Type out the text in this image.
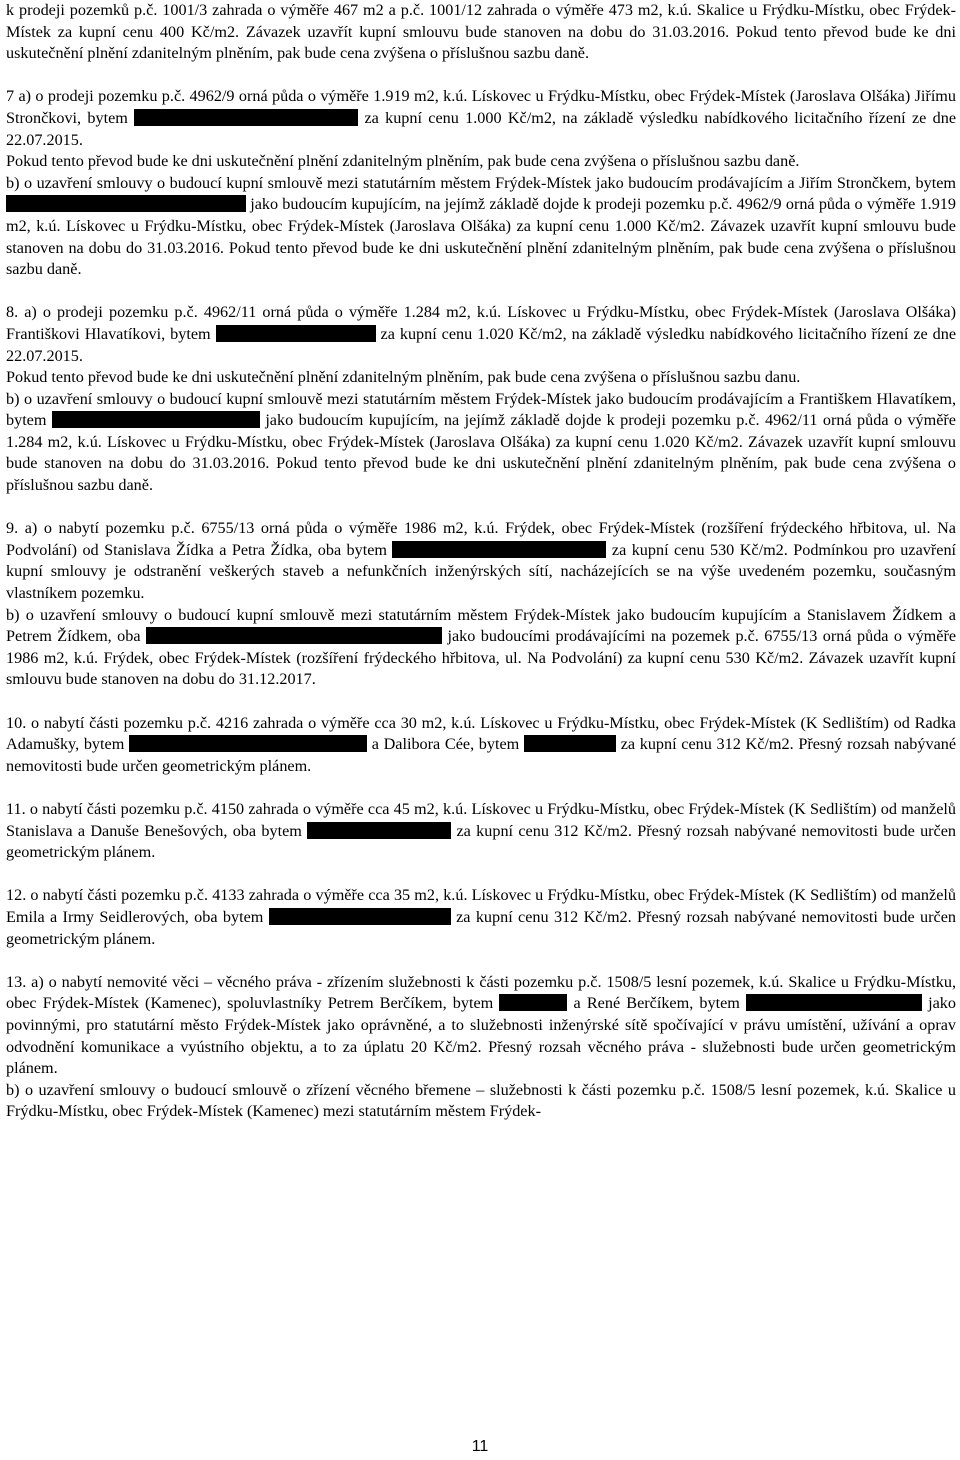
k prodeji pozemků p.č. 1001/3 zahrada o výměře 467 m2 a p.č. 1001/12 zahrada o výměře 473 m2, k.ú. Skalice u Frýdku-Místku, obec Frýdek-Místek za kupní cenu 400 Kč/m2. Závazek uzavřít kupní smlouvu bude stanoven na dobu do 31.03.2016. Pokud tento převod bude ke dni uskutečnění plnění zdanitelným plněním, pak bude cena zvýšena o příslušnou sazbu daně.

7 a) o prodeji pozemku p.č. 4962/9 orná půda o výměře 1.919 m2, k.ú. Lískovec u Frýdku-Místku, obec Frýdek-Místek (Jaroslava Olšáka) Jiřímu Strončkovi, bytem	za kupní cenu 1.000 Kč/m2, na základě výsledku nabídkového licitačního řízení ze dne 22.07.2015.

Pokud tento převod bude ke dni uskutečnění plnění zdanitelným plněním, pak bude cena zvýšena o příslušnou sazbu daně.

b) o uzavření smlouvy o budoucí kupní smlouvě mezi statutárním městem Frýdek-Místek jako budoucím prodávajícím a Jiřím Strončkem, bytem  jako budoucím kupujícím, na jejímž základě dojde k prodeji pozemku p.č. 4962/9 orná půda o výměře 1.919 m2, k.ú. Lískovec u Frýdku-Místku, obec Frýdek-Místek (Jaroslava Olšáka) za kupní cenu 1.000 Kč/m2. Závazek uzavřít kupní smlouvu bude stanoven na dobu do 31.03.2016. Pokud tento převod bude ke dni uskutečnění plnění zdanitelným plněním, pak bude cena zvýšena o příslušnou sazbu daně.

8. a) o prodeji pozemku p.č. 4962/11 orná půda o výměře 1.284 m2, k.ú. Lískovec u Frýdku-Místku, obec Frýdek-Místek (Jaroslava Olšáka) Františkovi Hlavatíkovi, bytem	za kupní cenu 1.020 Kč/m2, na základě výsledku nabídkového licitačního řízení ze dne 22.07.2015.

Pokud tento převod bude ke dni uskutečnění plnění zdanitelným plněním, pak bude cena zvýšena o příslušnou sazbu danu.

b) o uzavření smlouvy o budoucí kupní smlouvě mezi statutárním městem Frýdek-Místek jako budoucím prodávajícím a Františkem Hlavatíkem, bytem	jako budoucím kupujícím, na jejímž základě dojde k prodeji pozemku p.č. 4962/11 orná půda o výměře 1.284 m2, k.ú. Lískovec u Frýdku-Místku, obec Frýdek-Místek (Jaroslava Olšáka) za kupní cenu 1.020 Kč/m2. Závazek uzavřít kupní smlouvu bude stanoven na dobu do 31.03.2016. Pokud tento převod bude ke dni uskutečnění plnění zdanitelným plněním, pak bude cena zvýšena o příslušnou sazbu daně.

9. a) o nabytí pozemku p.č. 6755/13 orná půda o výměře 1986 m2, k.ú. Frýdek, obec Frýdek-Místek (rozšíření frýdeckého hřbitova, ul. Na Podvolání) od Stanislava Žídka a Petra Žídka, oba bytem	za kupní cenu 530 Kč/m2. Podmínkou pro uzavření kupní smlouvy je odstranění veškerých staveb a nefunkčních inženýrských sítí, nacházejících se na výše uvedeném pozemku, současným vlastníkem pozemku.

b) o uzavření smlouvy o budoucí kupní smlouvě mezi statutárním městem Frýdek-Místek jako budoucím kupujícím a Stanislavem Žídkem a Petrem Žídkem, oba	jako budoucími prodávajícími na pozemek p.č. 6755/13 orná půda o výměře 1986 m2, k.ú. Frýdek, obec Frýdek-Místek (rozšíření frýdeckého hřbitova, ul. Na Podvolání) za kupní cenu 530 Kč/m2. Závazek uzavřít kupní smlouvu bude stanoven na dobu do 31.12.2017.

10. o nabytí části pozemku p.č. 4216 zahrada o výměře cca 30 m2, k.ú. Lískovec u Frýdku-Místku, obec Frýdek-Místek (K Sedlištím) od Radka Adamušky, bytem	a Dalibora Cée, bytem	za kupní cenu 312 Kč/m2. Přesný rozsah nabývané nemovitosti bude určen geometrickým plánem.

11. o nabytí části pozemku p.č. 4150 zahrada o výměře cca 45 m2, k.ú. Lískovec u Frýdku-Místku, obec Frýdek-Místek (K Sedlištím) od manželů Stanislava a Danuše Benešových, oba bytem	za kupní cenu 312 Kč/m2. Přesný rozsah nabývané nemovitosti bude určen geometrickým plánem.

12. o nabytí části pozemku p.č. 4133 zahrada o výměře cca 35 m2, k.ú. Lískovec u Frýdku-Místku, obec Frýdek-Místek (K Sedlištím) od manželů Emila a Irmy Seidlerových, oba bytem	za kupní cenu 312 Kč/m2. Přesný rozsah nabývané nemovitosti bude určen geometrickým plánem.

13. a) o nabytí nemovité věci – věcného práva - zřízením služebnosti k části pozemku p.č. 1508/5 lesní pozemek, k.ú. Skalice u Frýdku-Místku, obec Frýdek-Místek (Kamenec), spoluvlastníky Petrem Berčíkem, bytem	a René Berčíkem, bytem	jako povinnými, pro statutární město Frýdek-Místek jako oprávněné, a to služebnosti inženýrské sítě spočívající v právu umístění, užívání a oprav odvodnění komunikace a vyústního objektu, a to za úplatu 20 Kč/m2. Přesný rozsah věcného práva - služebnosti bude určen geometrickým plánem.

b) o uzavření smlouvy o budoucí smlouvě o zřízení věcného břemene – služebnosti k části pozemku p.č. 1508/5 lesní pozemek, k.ú. Skalice u Frýdku-Místku, obec Frýdek-Místek (Kamenec) mezi statutárním městem Frýdek-

11
